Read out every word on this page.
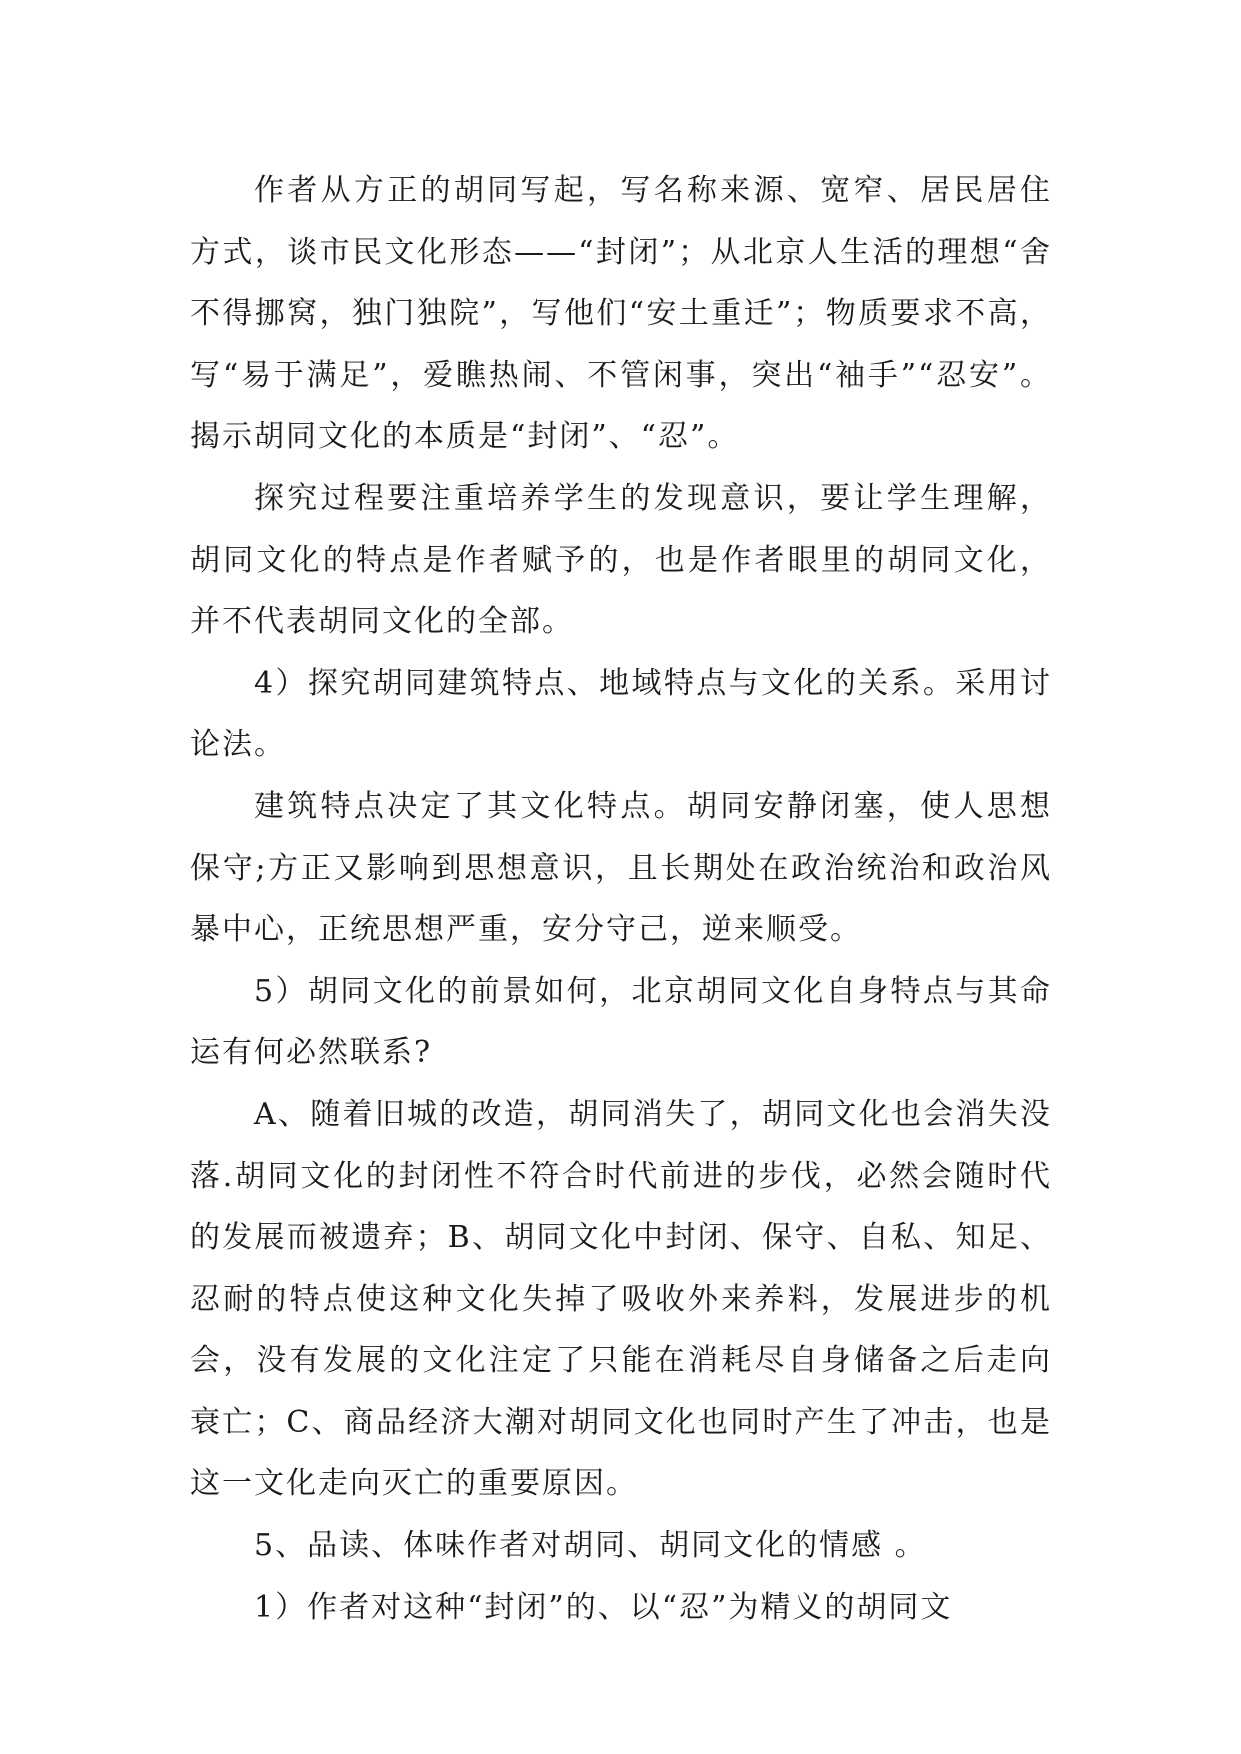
作者从方正的胡同写起，写名称来源、宽窄、居民居住方式，谈市民文化形态——“封闭”；从北京人生活的理想“舍不得挪窝，独门独院”，写他们“安土重迁”；物质要求不高，写“易于满足”，爱瞧热闹、不管闲事，突出“袖手”“忍安”。揭示胡同文化的本质是“封闭”、“忍”。

探究过程要注重培养学生的发现意识，要让学生理解，胡同文化的特点是作者赋予的，也是作者眼里的胡同文化，并不代表胡同文化的全部。

4）探究胡同建筑特点、地域特点与文化的关系。采用讨论法。

建筑特点决定了其文化特点。胡同安静闭塞，使人思想保守;方正又影响到思想意识，且长期处在政治统治和政治风暴中心，正统思想严重，安分守己，逆来顺受。

5）胡同文化的前景如何，北京胡同文化自身特点与其命运有何必然联系?

A、随着旧城的改造，胡同消失了，胡同文化也会消失没落.胡同文化的封闭性不符合时代前进的步伐，必然会随时代的发展而被遗弃；B、胡同文化中封闭、保守、自私、知足、忍耐的特点使这种文化失掉了吸收外来养料，发展进步的机会，没有发展的文化注定了只能在消耗尽自身储备之后走向衰亡；C、商品经济大潮对胡同文化也同时产生了冲击，也是这一文化走向灭亡的重要原因。

5、品读、体味作者对胡同、胡同文化的情感 。

1）作者对这种“封闭”的、以“忍”为精义的胡同文
